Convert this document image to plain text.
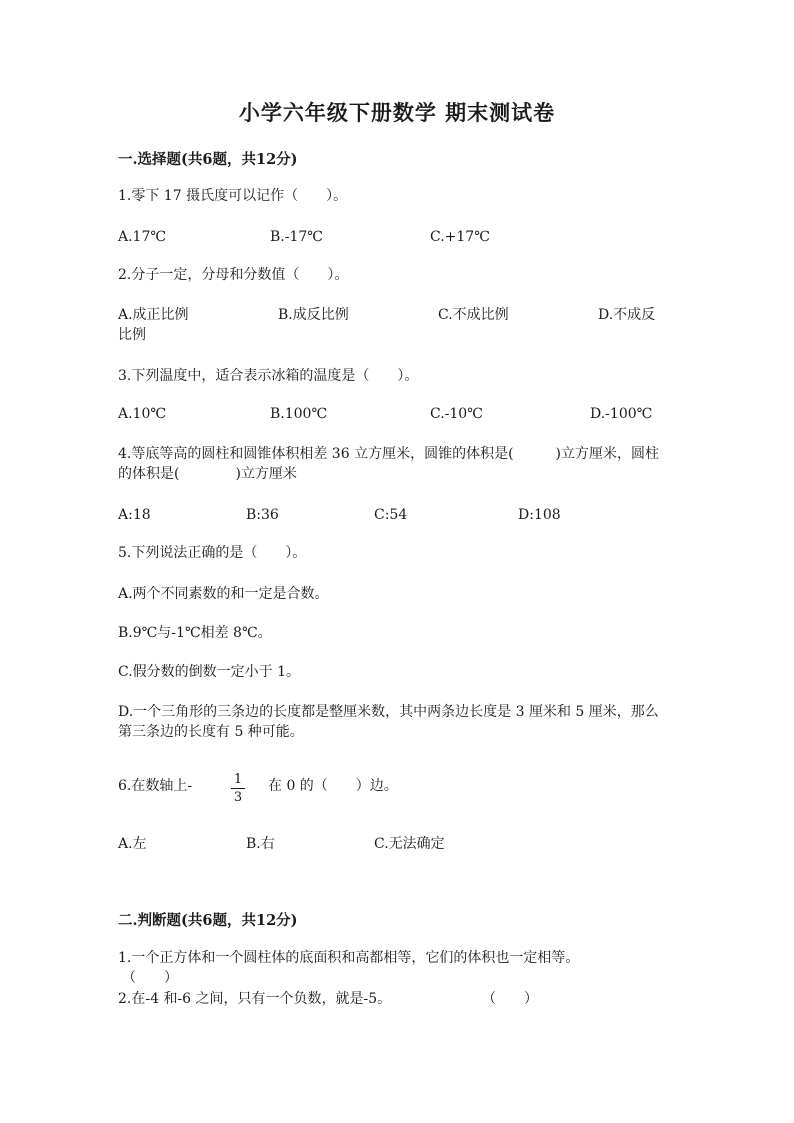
小学六年级下册数学 期末测试卷
一.选择题(共6题，共12分)
1.零下 17 摄氏度可以记作（　　）。
A.17℃	B.-17℃	C.+17℃
2.分子一定，分母和分数值（　　）。
A.成正比例	B.成反比例	C.不成比例	D.不成反
比例
3.下列温度中，适合表示冰箱的温度是（　　）。
A.10℃	B.100℃	C.-10℃	D.-100℃
4.等底等高的圆柱和圆锥体积相差 36 立方厘米，圆锥的体积是(　　　)立方厘米，圆柱的体积是(　　　　)立方厘米
A:18	B:36	C:54	D:108
5.下列说法正确的是（　　）。
A.两个不同素数的和一定是合数。
B.9℃与-1℃相差 8℃。
C.假分数的倒数一定小于 1。
D.一个三角形的三条边的长度都是整厘米数，其中两条边长度是 3 厘米和 5 厘米，那么第三条边的长度有 5 种可能。
6.在数轴上-	1
3
在 0 的（　　）边。
A.左	B.右	C.无法确定
二.判断题(共6题，共12分)
1.一个正方体和一个圆柱体的底面积和高都相等，它们的体积也一定相等。
（　　）
2.在-4 和-6 之间，只有一个负数，就是-5。	（　　）
